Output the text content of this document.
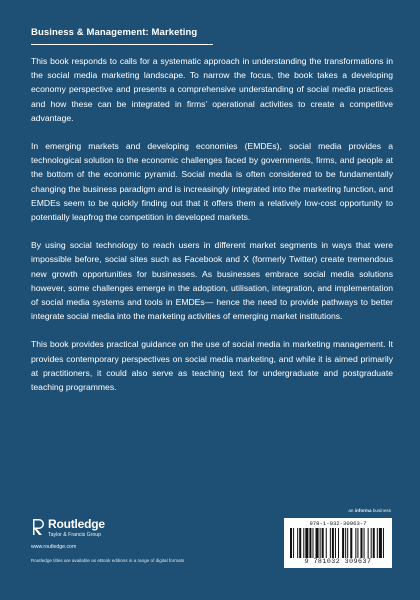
Business & Management: Marketing

This book responds to calls for a systematic approach in understanding the transformations in the social media marketing landscape. To narrow the focus, the book takes a developing economy perspective and presents a comprehensive understanding of social media practices and how these can be integrated in firms’ operational activities to create a competitive advantage.

In emerging markets and developing economies (EMDEs), social media provides a technological solution to the economic challenges faced by governments, firms, and people at the bottom of the economic pyramid. Social media is often considered to be fundamentally changing the business paradigm and is increasingly integrated into the marketing function, and EMDEs seem to be quickly finding out that it offers them a relatively low-cost opportunity to potentially leapfrog the competition in developed markets.

By using social technology to reach users in different market segments in ways that were impossible before, social sites such as Facebook and X (formerly Twitter) create tremendous new growth opportunities for businesses. As businesses embrace social media solutions however, some challenges emerge in the adoption, utilisation, integration, and implementation of social media systems and tools in EMDEs— hence the need to provide pathways to better integrate social media into the marketing activities of emerging market institutions.

This book provides practical guidance on the use of social media in marketing management. It provides contemporary perspectives on social media marketing, and while it is aimed primarily at practitioners, it could also serve as teaching text for undergraduate and postgraduate teaching programmes.

an informa business
Routledge
Taylor & Francis Group
www.routledge.com
Routledge titles are available as eBook editions in a range of digital formats
978-1-032-30963-7
9 781032 309637
